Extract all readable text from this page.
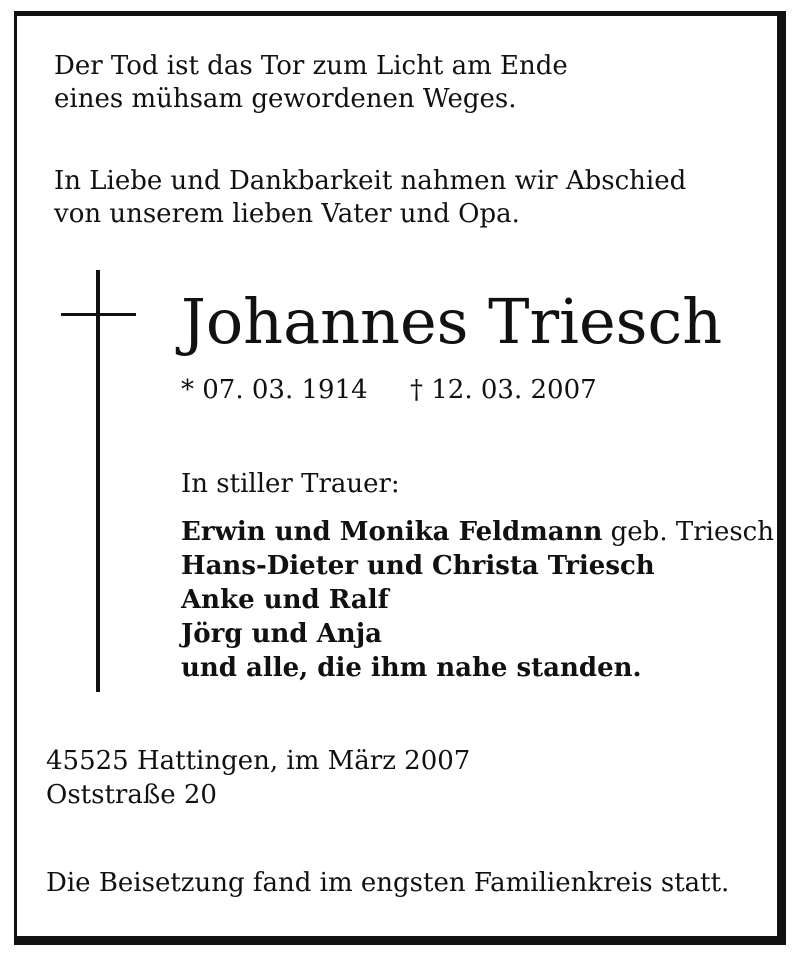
Der Tod ist das Tor zum Licht am Ende
eines mühsam gewordenen Weges.
In Liebe und Dankbarkeit nahmen wir Abschied
von unserem lieben Vater und Opa.
Johannes Triesch
* 07. 03. 1914 † 12. 03. 2007
In stiller Trauer:
Erwin und Monika Feldmann geb. Triesch
Hans-Dieter und Christa Triesch
Anke und Ralf
Jörg und Anja
und alle, die ihm nahe standen.
45525 Hattingen, im März 2007
Oststraße 20
Die Beisetzung fand im engsten Familienkreis statt.
